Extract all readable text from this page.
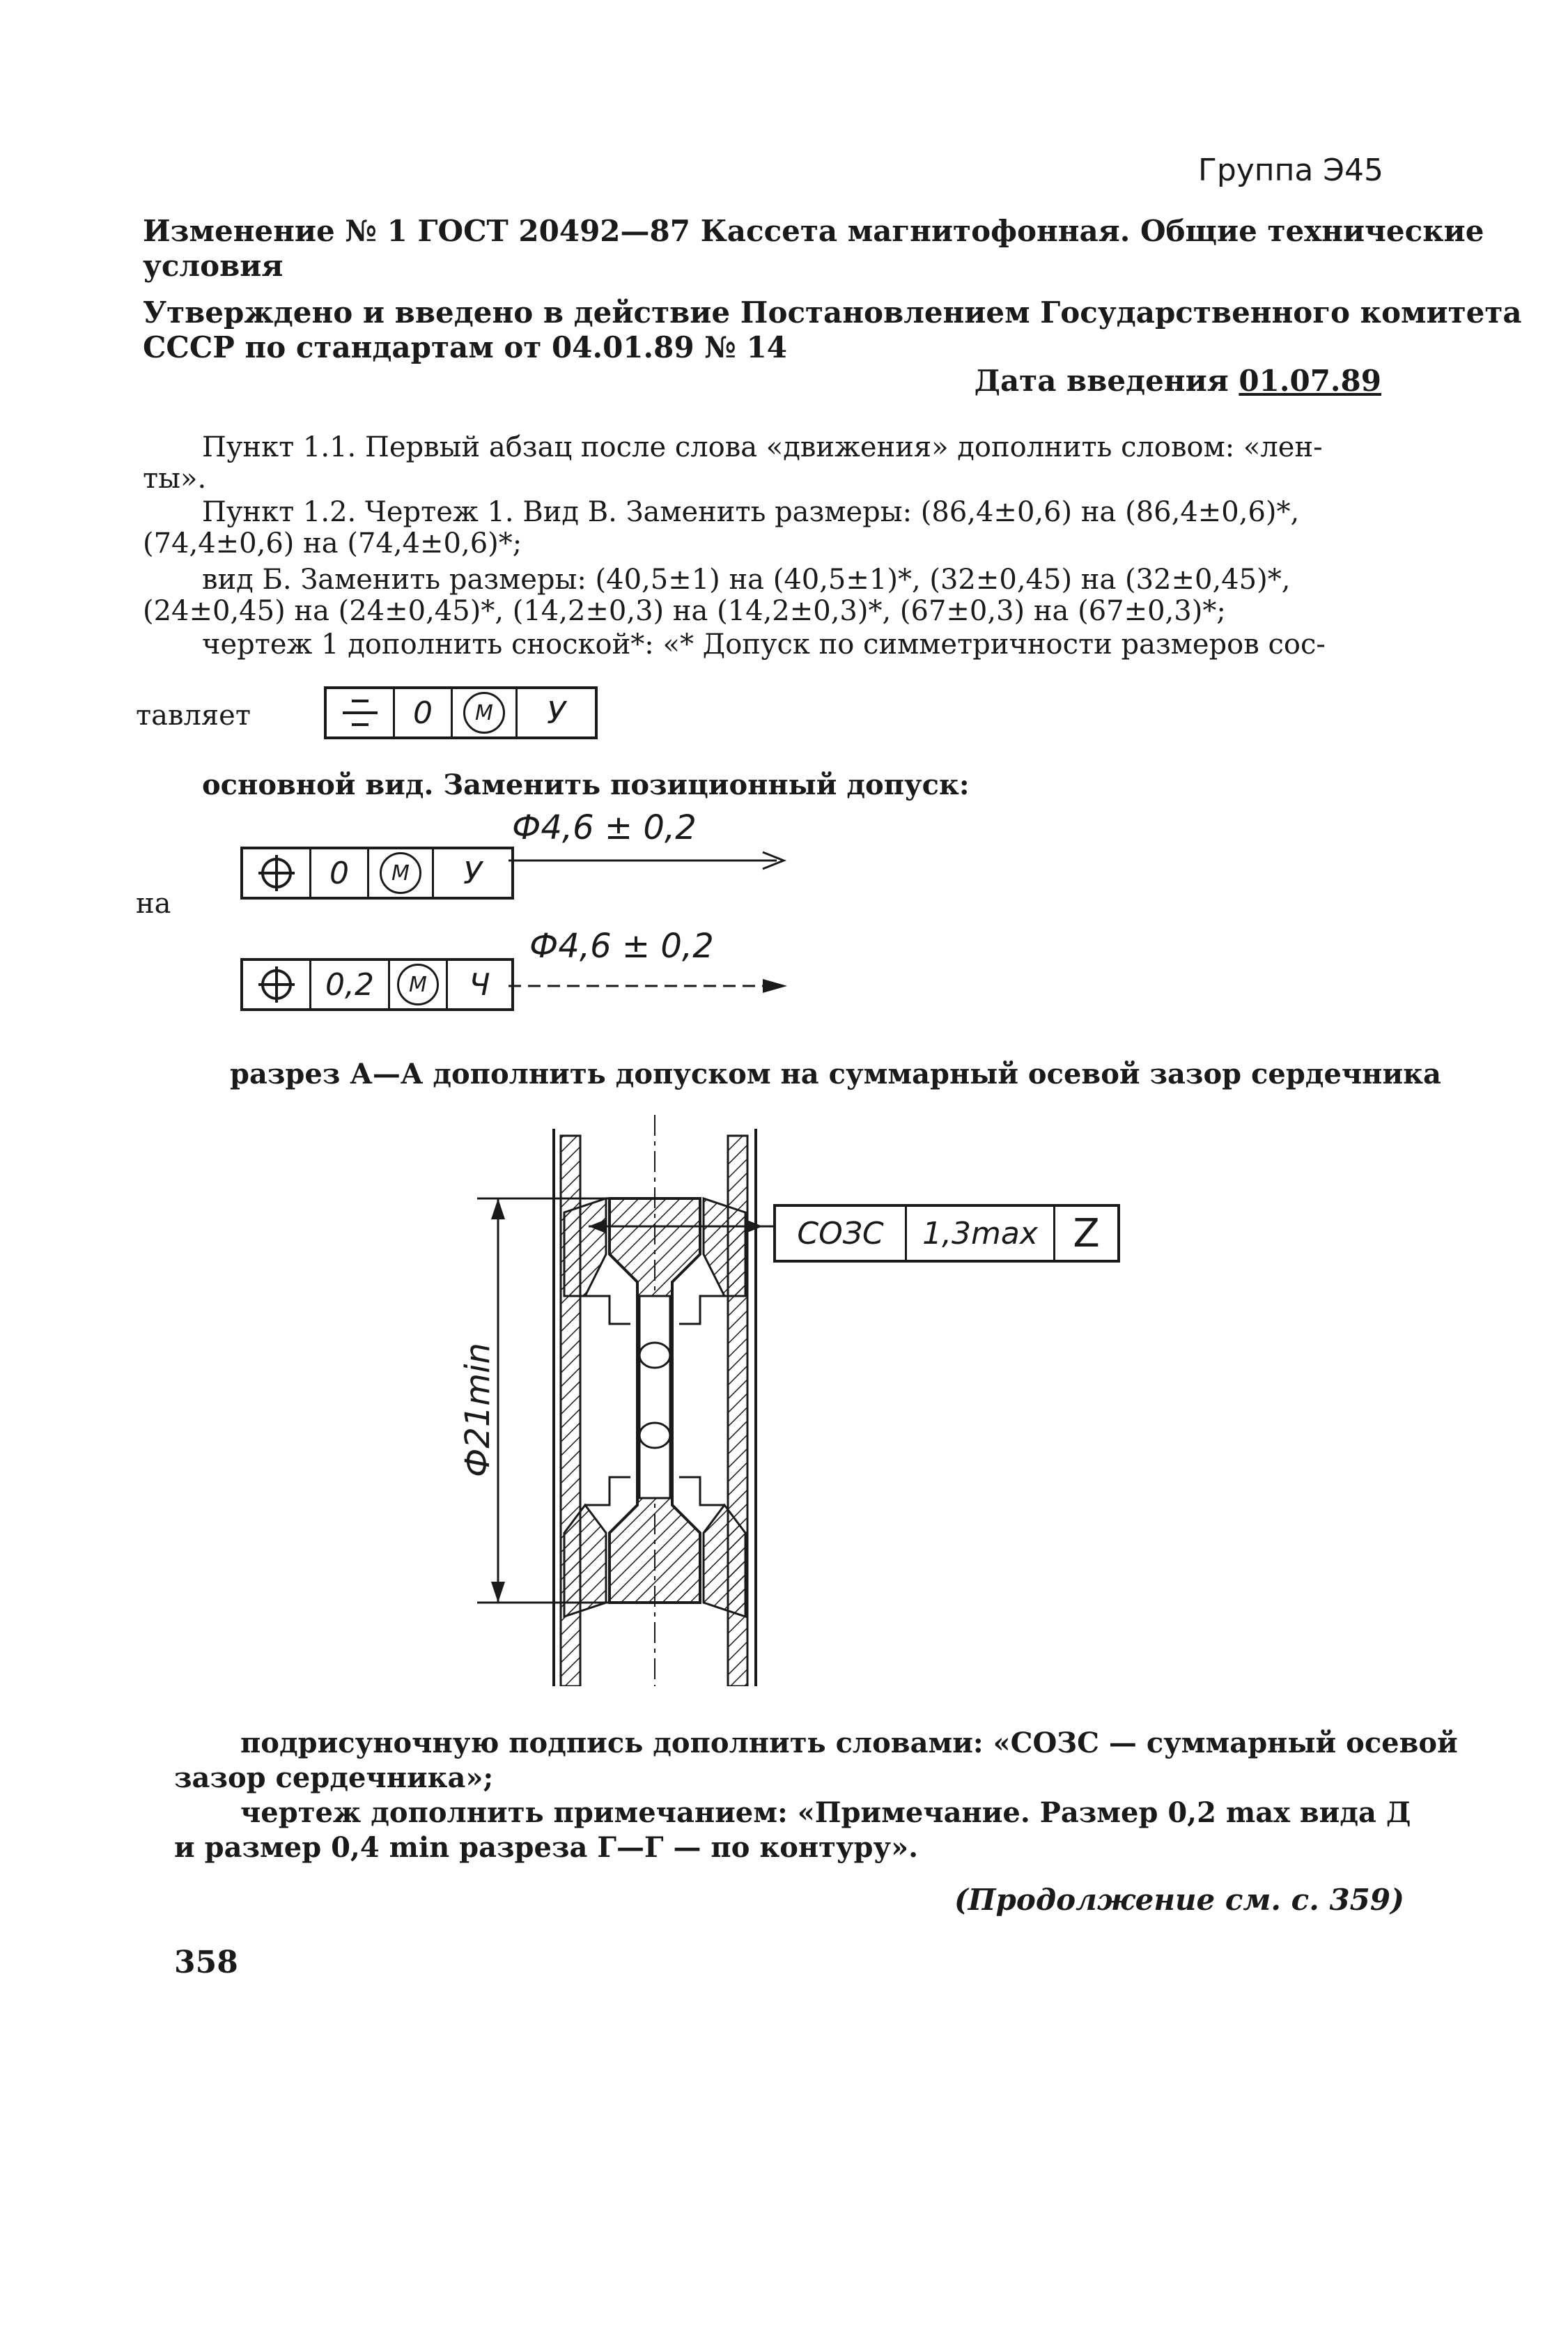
Группа Э45
Изменение № 1 ГОСТ 20492—87 Кассета магнитофонная. Общие технические
условия
Утверждено и введено в действие Постановлением Государственного комитета
СССР по стандартам от 04.01.89 № 14
Дата введения 01.07.89
Пункт 1.1. Первый абзац после слова «движения» дополнить словом: «лен-
ты».
Пункт 1.2. Чертеж 1. Вид В. Заменить размеры: (86,4±0,6) на (86,4±0,6)*,
(74,4±0,6) на (74,4±0,6)*;
вид Б. Заменить размеры: (40,5±1) на (40,5±1)*, (32±0,45) на (32±0,45)*,
(24±0,45) на (24±0,45)*, (14,2±0,3) на (14,2±0,3)*, (67±0,3) на (67±0,3)*;
чертеж 1 дополнить сноской*: «* Допуск по симметричности размеров сос-
тавляет	0	M	У
основной вид. Заменить позиционный допуск:
0	M	У
Ф4,6 ± 0,2
на
0,2	M	Ч
Ф4,6 ± 0,2
разрез А—А дополнить допуском на суммарный осевой зазор сердечника
Ф21min
СОЗС	1,3max Z
подрисуночную подпись дополнить словами: «СОЗС — суммарный осевой
зазор сердечника»;
чертеж дополнить примечанием: «Примечание. Размер 0,2 max вида Д
и размер 0,4 min разреза Г—Г — по контуру».
(Продолжение см. с. 359)
358
